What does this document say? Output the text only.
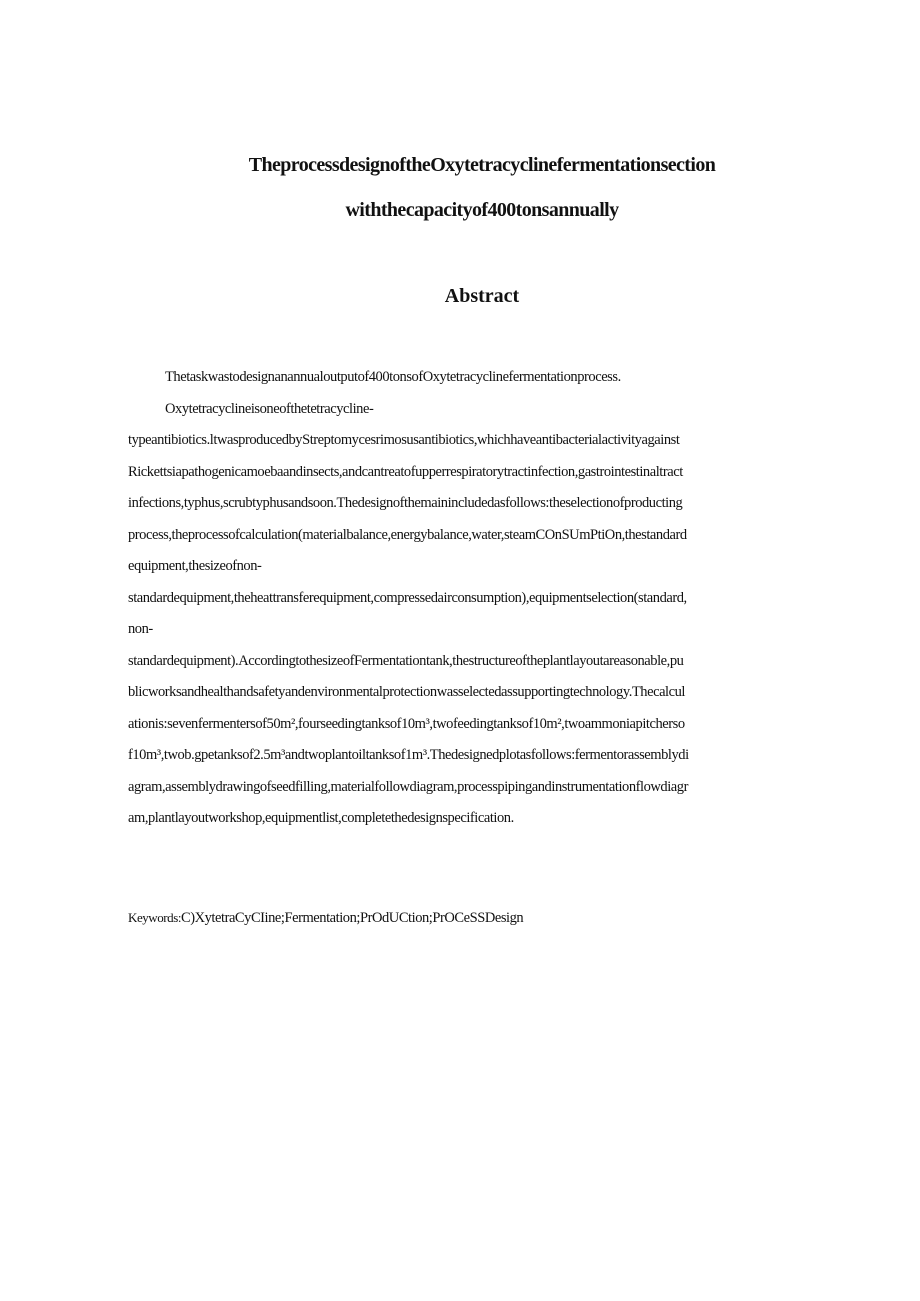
TheprocessdesignoftheOxytetracyclinefermentationsection
withthecapacityof400tonsannually
Abstract
Thetaskwastodesignanannualoutputof400tonsofOxytetracyclinefermentationprocess.
Oxytetracyclineisoneofthetetracycline-
typeantibiotics.ltwasproducedbyStreptomycesrimosusantibiotics,whichhaveantibacterialactivityagainst
Rickettsiapathogenicamoebaandinsects,andcantreatofupperrespiratorytractinfection,gastrointestinaltract
infections,typhus,scrubtyphusandsoon.Thedesignofthemainincludedasfollows:theselectionofproducting
process,theprocessofcalculation(materialbalance,energybalance,water,steamCOnSUmPtiOn,thestandard
equipment,thesizeofnon-
standardequipment,theheattransferequipment,compressedairconsumption),equipmentselection(standard,
non-
standardequipment).AccordingtothesizeofFermentationtank,thestructureoftheplantlayoutareasonable,pu
blicworksandhealthandsafetyandenvironmentalprotectionwasselectedassupportingtechnology.Thecalcul
ationis:sevenfermentersof50m²,fourseedingtanksof10m³,twofeedingtanksof10m²,twoammoniapitcherso
f10m³,twob.gpetanksof2.5m³andtwoplantoiltanksof1m³.Thedesignedplotasfollows:fermentorassemblydi
agram,assemblydrawingofseedfilling,materialfollowdiagram,processpipingandinstrumentationflowdiagr
am,plantlayoutworkshop,equipmentlist,completethedesignspecification.
Keywords:C)XytetraCyCIine;Fermentation;PrOdUCtion;PrOCeSSDesign
